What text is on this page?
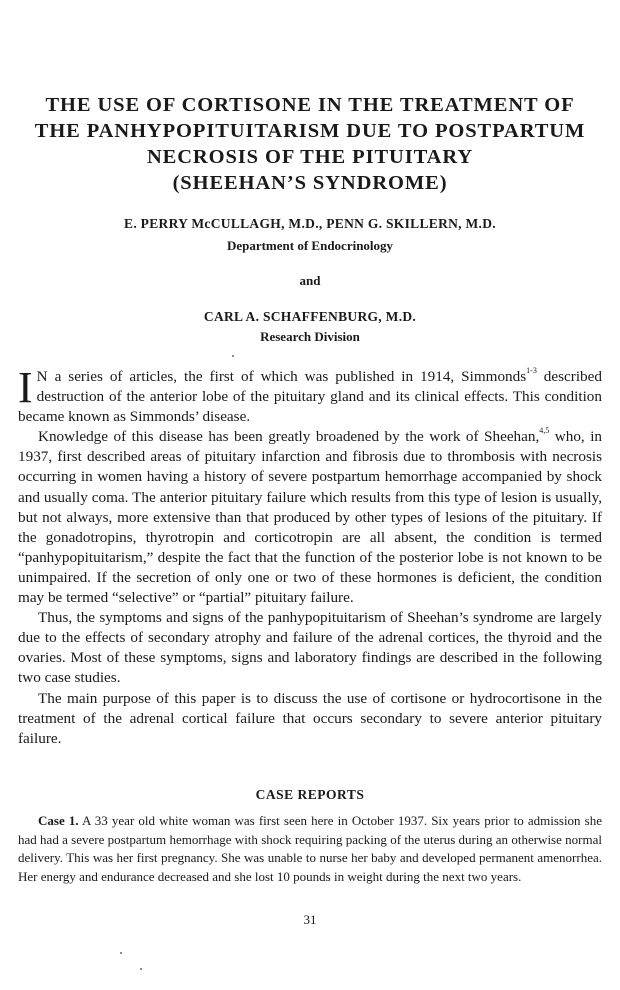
THE USE OF CORTISONE IN THE TREATMENT OF
THE PANHYPOPITUITARISM DUE TO POSTPARTUM
NECROSIS OF THE PITUITARY
(SHEEHAN’S SYNDROME)

E. PERRY McCULLAGH, M.D., PENN G. SKILLERN, M.D.

Department of Endocrinology

and

CARL A. SCHAFFENBURG, M.D.

Research Division

I N a series of articles, the first of which was published in 1914, Simmonds$^{1-3}$ described destruction of the anterior lobe of the pituitary gland and its clinical effects. This condition became known as Simmonds’ disease.

Knowledge of this disease has been greatly broadened by the work of Sheehan,$^{4,5}$ who, in 1937, first described areas of pituitary infarction and fibrosis due to thrombosis with necrosis occurring in women having a history of severe postpartum hemorrhage accompanied by shock and usually coma. The anterior pituitary failure which results from this type of lesion is usually, but not always, more extensive than that produced by other types of lesions of the pituitary. If the gonadotropins, thyrotropin and corticotropin are all absent, the condition is termed “panhypopituitarism,” despite the fact that the function of the posterior lobe is not known to be unimpaired. If the secretion of only one or two of these hormones is deficient, the condition may be termed “selective” or “partial” pituitary failure.

Thus, the symptoms and signs of the panhypopituitarism of Sheehan’s syndrome are largely due to the effects of secondary atrophy and failure of the adrenal cortices, the thyroid and the ovaries. Most of these symptoms, signs and laboratory findings are described in the following two case studies.

The main purpose of this paper is to discuss the use of cortisone or hydrocortisone in the treatment of the adrenal cortical failure that occurs secondary to severe anterior pituitary failure.

CASE REPORTS

Case 1. A 33 year old white woman was first seen here in October 1937. Six years prior to admission she had had a severe postpartum hemorrhage with shock requiring packing of the uterus during an otherwise normal delivery. This was her first pregnancy. She was unable to nurse her baby and developed permanent amenorrhea. Her energy and endurance decreased and she lost 10 pounds in weight during the next two years.

31
